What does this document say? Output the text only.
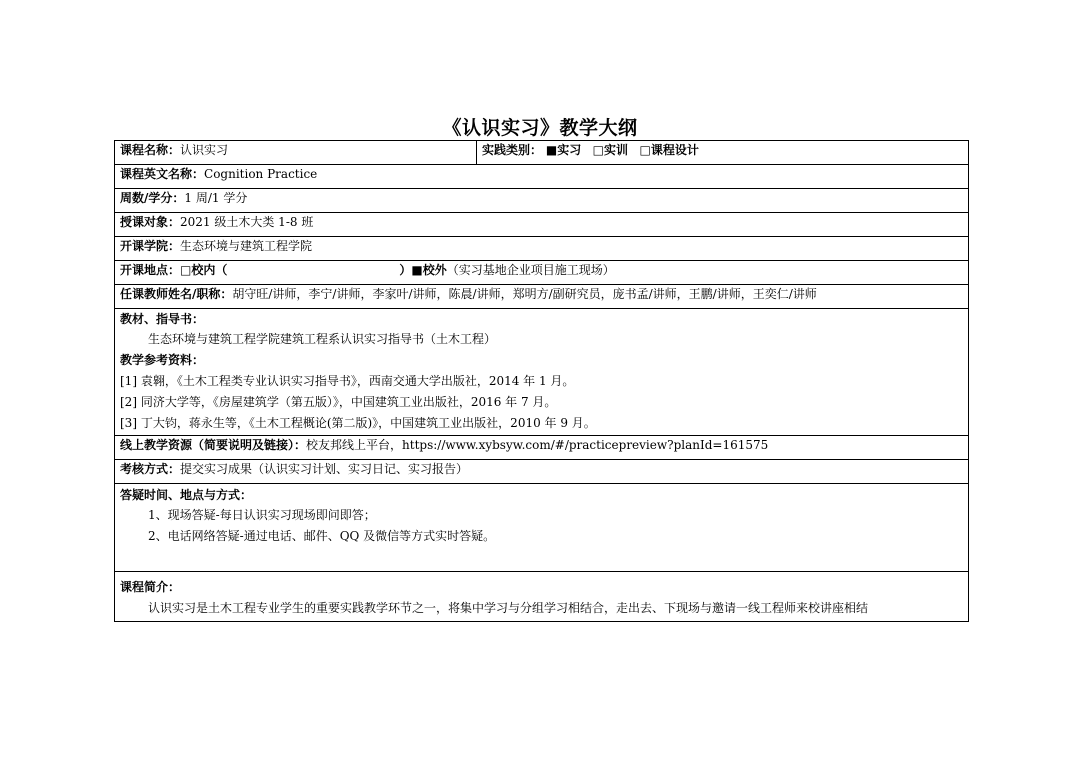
《认识实习》教学大纲
课程名称：认识实习	实践类别： ■实习 □实训 □课程设计
课程英文名称：Cognition Practice
周数/学分：1 周/1 学分
授课对象：2021 级土木大类 1-8 班
开课学院：生态环境与建筑工程学院
开课地点：□校内（	）■校外（实习基地企业项目施工现场）
任课教师姓名/职称：胡守旺/讲师，李宁/讲师，李家叶/讲师，陈晨/讲师，郑明方/副研究员，庞书孟/讲师，王鹏/讲师，王奕仁/讲师

教材、指导书：
生态环境与建筑工程学院建筑工程系认识实习指导书（土木工程）
教学参考资料：
[1] 袁翱，《土木工程类专业认识实习指导书》，西南交通大学出版社，2014 年 1 月。
[2] 同济大学等，《房屋建筑学（第五版）》，中国建筑工业出版社，2016 年 7 月。
[3] 丁大钧，蒋永生等，《土木工程概论(第二版)》，中国建筑工业出版社，2010 年 9 月。

线上教学资源（简要说明及链接）：校友邦线上平台，https://www.xybsyw.com/#/practicepreview?planId=161575
考核方式：提交实习成果（认识实习计划、实习日记、实习报告）

答疑时间、地点与方式：
1、现场答疑-每日认识实习现场即问即答；
2、电话网络答疑-通过电话、邮件、QQ 及微信等方式实时答疑。

课程简介：
认识实习是土木工程专业学生的重要实践教学环节之一，将集中学习与分组学习相结合，走出去、下现场与邀请一线工程师来校讲座相结
